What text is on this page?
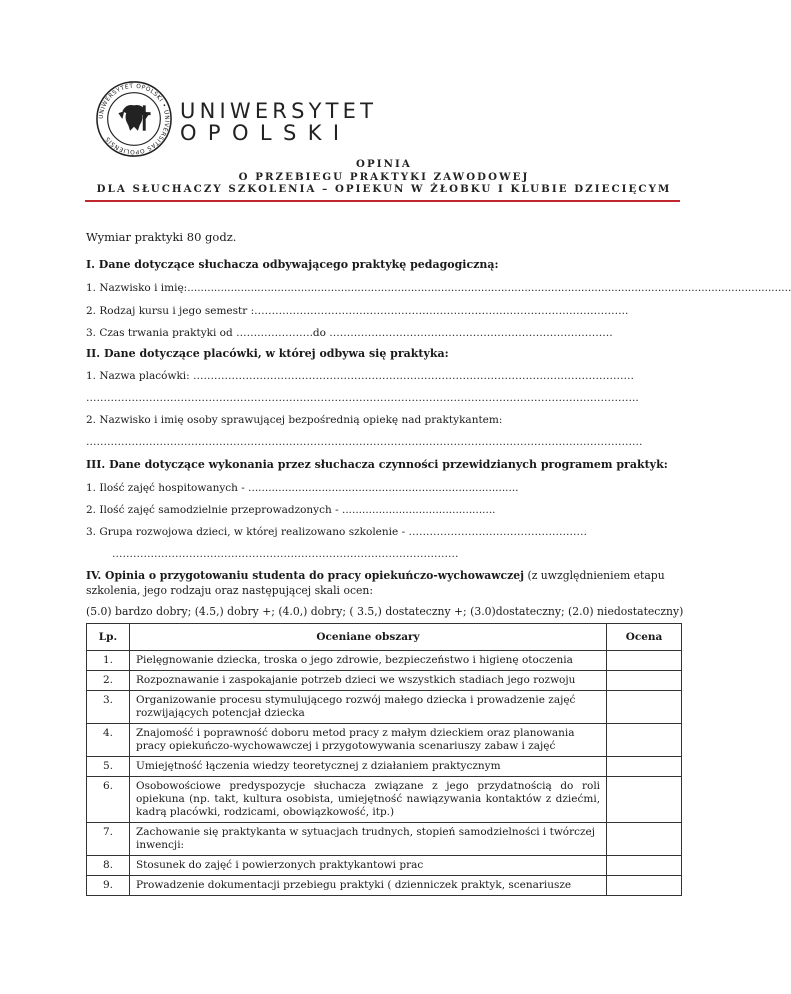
UNIWERSYTET OPOLSKI • UNIVERSITAS OPOLIENSIS
UNIWERSYTET
OPOLSKI
OPINIA
O PRZEBIEGU PRAKTYKI ZAWODOWEJ
DLA SŁUCHACZY SZKOLENIA – OPIEKUN W ŻŁOBKU I KLUBIE DZIECIĘCYM
Wymiar praktyki 80 godz.
I. Dane dotyczące słuchacza odbywającego praktykę pedagogiczną:
1. Nazwisko i imię:.....................................................................................................................................................................................
2. Rodzaj kursu i jego semestr :……………………………………………………………………………………………..
3. Czas trwania praktyki od ………………….do ………………………………………………………………………
II. Dane dotyczące placówki, w której odbywa się praktyka:
1. Nazwa placówki: ………………………………………………………………………………………………………………
…………………………………………………………………………………………………………………………………………..
2. Nazwisko i imię osoby sprawującej bezpośrednią opiekę nad praktykantem:
……………………………………………………………………………………………………………………………………………
III. Dane dotyczące wykonania przez słuchacza czynności przewidzianych programem praktyk:
1. Ilość zajęć hospitowanych - .................................................................................
2. Ilość zajęć samodzielnie przeprowadzonych - ..............................................
3. Grupa rozwojowa dzieci, w której realizowano szkolenie - ……………………………………………
………………………………………………………………………………………
IV. Opinia o przygotowaniu studenta do pracy opiekuńczo-wychowawczej (z uwzględnieniem etapu szkolenia, jego rodzaju oraz następującej skali ocen:
(5.0) bardzo dobry; (4.5,) dobry +; (4.0,) dobry; ( 3.5,) dostateczny +; (3.0)dostateczny; (2.0) niedostateczny)
Lp.	Oceniane obszary	Ocena
1.	Pielęgnowanie dziecka, troska o jego zdrowie, bezpieczeństwo i higienę otoczenia	
2.	Rozpoznawanie i zaspokajanie potrzeb dzieci we wszystkich stadiach jego rozwoju	
3.	Organizowanie procesu stymulującego rozwój małego dziecka i prowadzenie zajęć rozwijających potencjał dziecka	
4.	Znajomość i poprawność doboru metod pracy z małym dzieckiem oraz planowania pracy opiekuńczo-wychowawczej i przygotowywania scenariuszy zabaw i zajęć	
5.	Umiejętność łączenia wiedzy teoretycznej z działaniem praktycznym	
6.	Osobowościowe predyspozycje słuchacza związane z jego przydatnością do roli opiekuna (np. takt, kultura osobista, umiejętność nawiązywania kontaktów z dziećmi, kadrą placówki, rodzicami, obowiązkowość, itp.)	
7.	Zachowanie się praktykanta w sytuacjach trudnych, stopień samodzielności i twórczej inwencji:	
8.	Stosunek do zajęć i powierzonych praktykantowi prac	
9.	Prowadzenie dokumentacji przebiegu praktyki ( dzienniczek praktyk, scenariusze	
